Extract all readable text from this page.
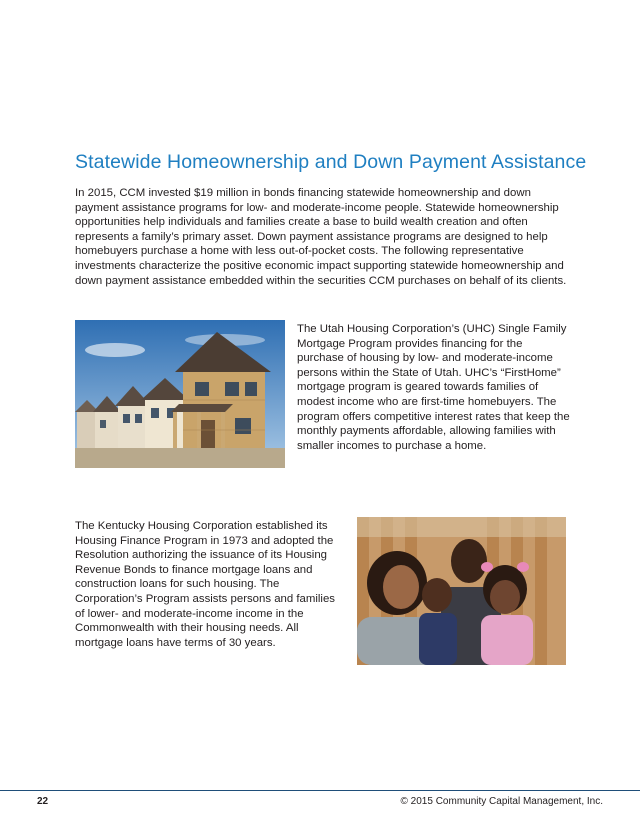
Statewide Homeownership and Down Payment Assistance

In 2015, CCM invested $19 million in bonds financing statewide homeownership and down payment assistance programs for low- and moderate-income people. Statewide homeownership opportunities help individuals and families create a base to build wealth creation and often represents a family’s primary asset. Down payment assistance programs are designed to help homebuyers purchase a home with less out-of-pocket costs. The following representative investments characterize the positive economic impact supporting statewide homeownership and down payment assistance embedded within the securities CCM purchases on behalf of its clients.

The Utah Housing Corporation’s (UHC) Single Family Mortgage Program provides financing for the purchase of housing by low- and moderate-income persons within the State of Utah. UHC’s “FirstHome” mortgage program is geared towards families of modest income who are first-time homebuyers. The program offers competitive interest rates that keep the monthly payments affordable, allowing families with smaller incomes to purchase a home.

The Kentucky Housing Corporation established its Housing Finance Program in 1973 and adopted the Resolution authorizing the issuance of its Housing Revenue Bonds to finance mortgage loans and construction loans for such housing. The Corporation’s Program assists persons and families of lower- and moderate-income income in the Commonwealth with their housing needs. All mortgage loans have terms of 30 years.

22	© 2015 Community Capital Management, Inc.
